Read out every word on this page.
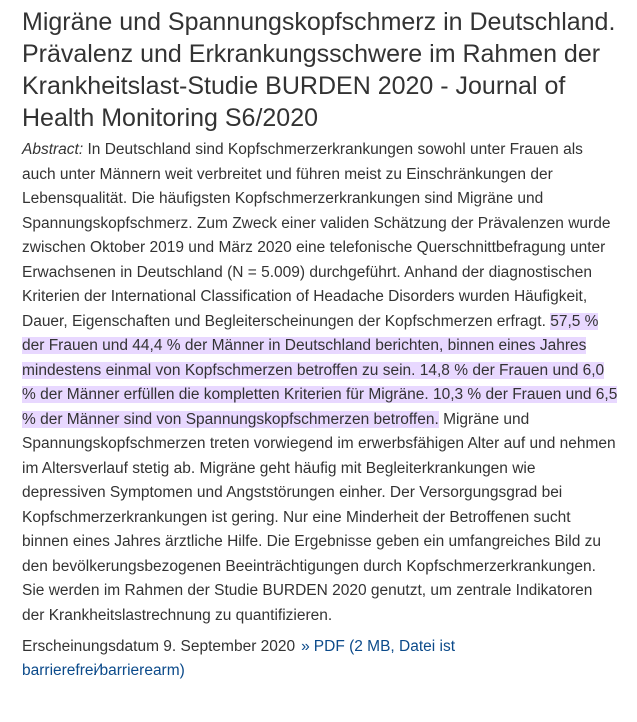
Migräne und Spannungskopfschmerz in Deutschland. Prävalenz und Erkrankungsschwere im Rahmen der Krankheitslast-Studie BURDEN 2020 - Journal of Health Monitoring S6/2020

Abstract: In Deutschland sind Kopfschmerzerkrankungen sowohl unter Frauen als auch unter Männern weit verbreitet und führen meist zu Einschränkungen der Lebensqualität. Die häufigsten Kopfschmerzerkrankungen sind Migräne und Spannungskopfschmerz. Zum Zweck einer validen Schätzung der Prävalenzen wurde zwischen Oktober 2019 und März 2020 eine telefonische Querschnittbefragung unter Erwachsenen in Deutschland (N = 5.009) durchgeführt. Anhand der diagnostischen Kriterien der International Classification of Headache Disorders wurden Häufigkeit, Dauer, Eigenschaften und Begleiterscheinungen der Kopfschmerzen erfragt. 57,5 % der Frauen und 44,4 % der Männer in Deutschland berichten, binnen eines Jahres mindestens einmal von Kopfschmerzen betroffen zu sein. 14,8 % der Frauen und 6,0 % der Männer erfüllen die kompletten Kriterien für Migräne. 10,3 % der Frauen und 6,5 % der Männer sind von Spannungskopfschmerzen betroffen. Migräne und Spannungskopfschmerzen treten vorwiegend im erwerbsfähigen Alter auf und nehmen im Altersverlauf stetig ab. Migräne geht häufig mit Begleiterkrankungen wie depressiven Symptomen und Angststörungen einher. Der Versorgungsgrad bei Kopfschmerzerkrankungen ist gering. Nur eine Minderheit der Betroffenen sucht binnen eines Jahres ärztliche Hilfe. Die Ergebnisse geben ein umfangreiches Bild zu den bevölkerungsbezogenen Beeinträchtigungen durch Kopfschmerzerkrankungen. Sie werden im Rahmen der Studie BURDEN 2020 genutzt, um zentrale Indikatoren der Krankheitslastrechnung zu quantifizieren.

Erscheinungsdatum 9. September 2020 » PDF (2 MB, Datei ist barrierefrei⁄barrierearm)
